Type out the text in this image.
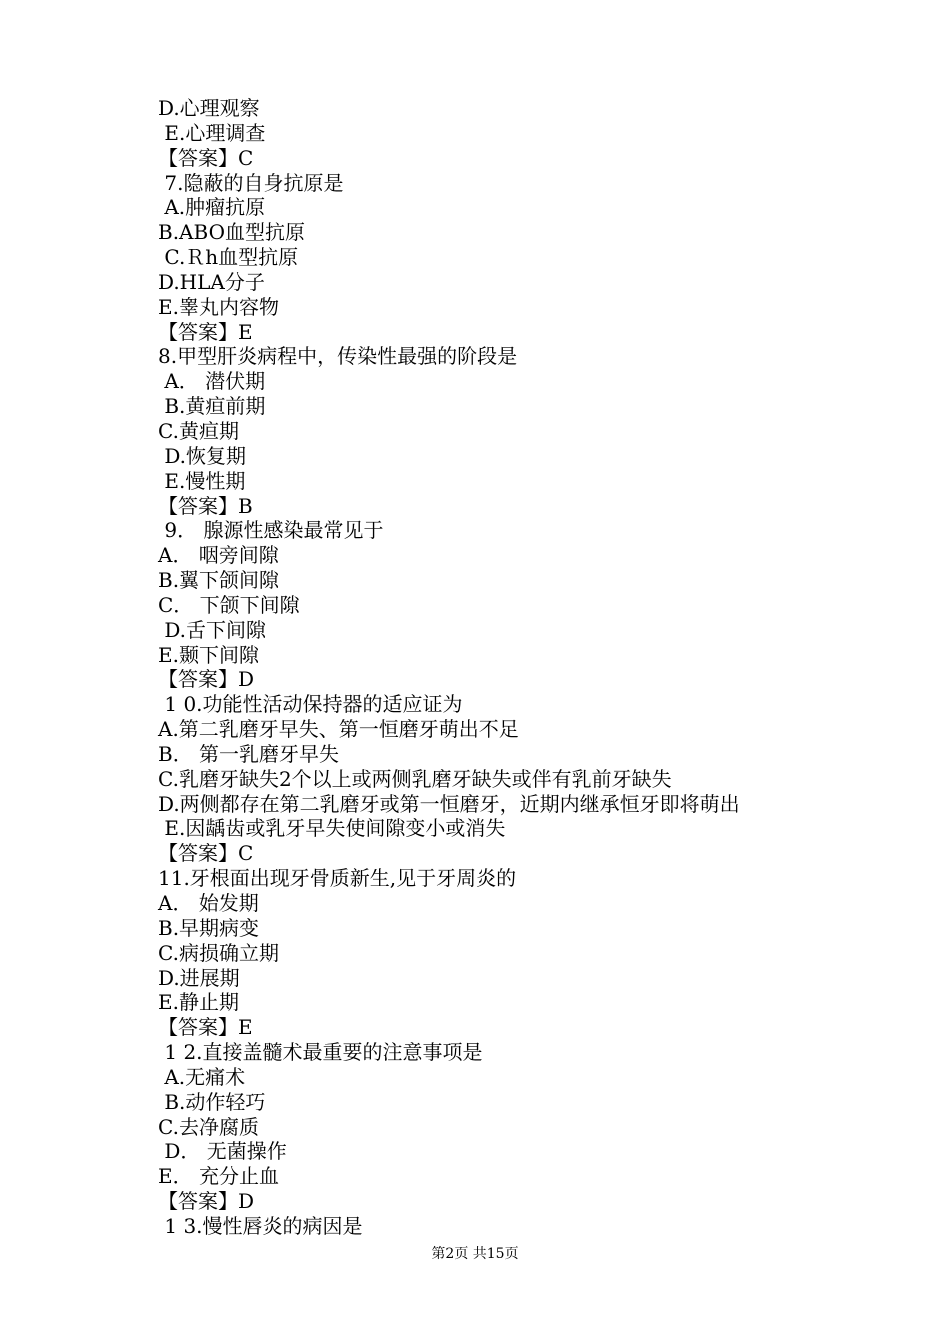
D.心理观察
E.心理调查
【答案】C
7.隐蔽的自身抗原是
A.肿瘤抗原
B.ABO血型抗原
C.Ｒh血型抗原
D.HLA分子
E.睾丸内容物
【答案】E
8.甲型肝炎病程中，传染性最强的阶段是
A． 潜伏期
B.黄疸前期
C.黄疸期
D.恢复期
E.慢性期
【答案】B
9． 腺源性感染最常见于
A． 咽旁间隙
B.翼下颌间隙
C． 下颌下间隙
D.舌下间隙
E.颞下间隙
【答案】D
1 0.功能性活动保持器的适应证为
A.第二乳磨牙早失、第一恒磨牙萌出不足
B． 第一乳磨牙早失
C.乳磨牙缺失2个以上或两侧乳磨牙缺失或伴有乳前牙缺失
D.两侧都存在第二乳磨牙或第一恒磨牙，近期内继承恒牙即将萌出
E.因龋齿或乳牙早失使间隙变小或消失
【答案】C
11.牙根面出现牙骨质新生,见于牙周炎的
A． 始发期
B.早期病变
C.病损确立期
D.进展期
E.静止期
【答案】E
1 2.直接盖髓术最重要的注意事项是
A.无痛术
B.动作轻巧
C.去净腐质
D． 无菌操作
E． 充分止血
【答案】D
1 3.慢性唇炎的病因是
第2页 共15页
